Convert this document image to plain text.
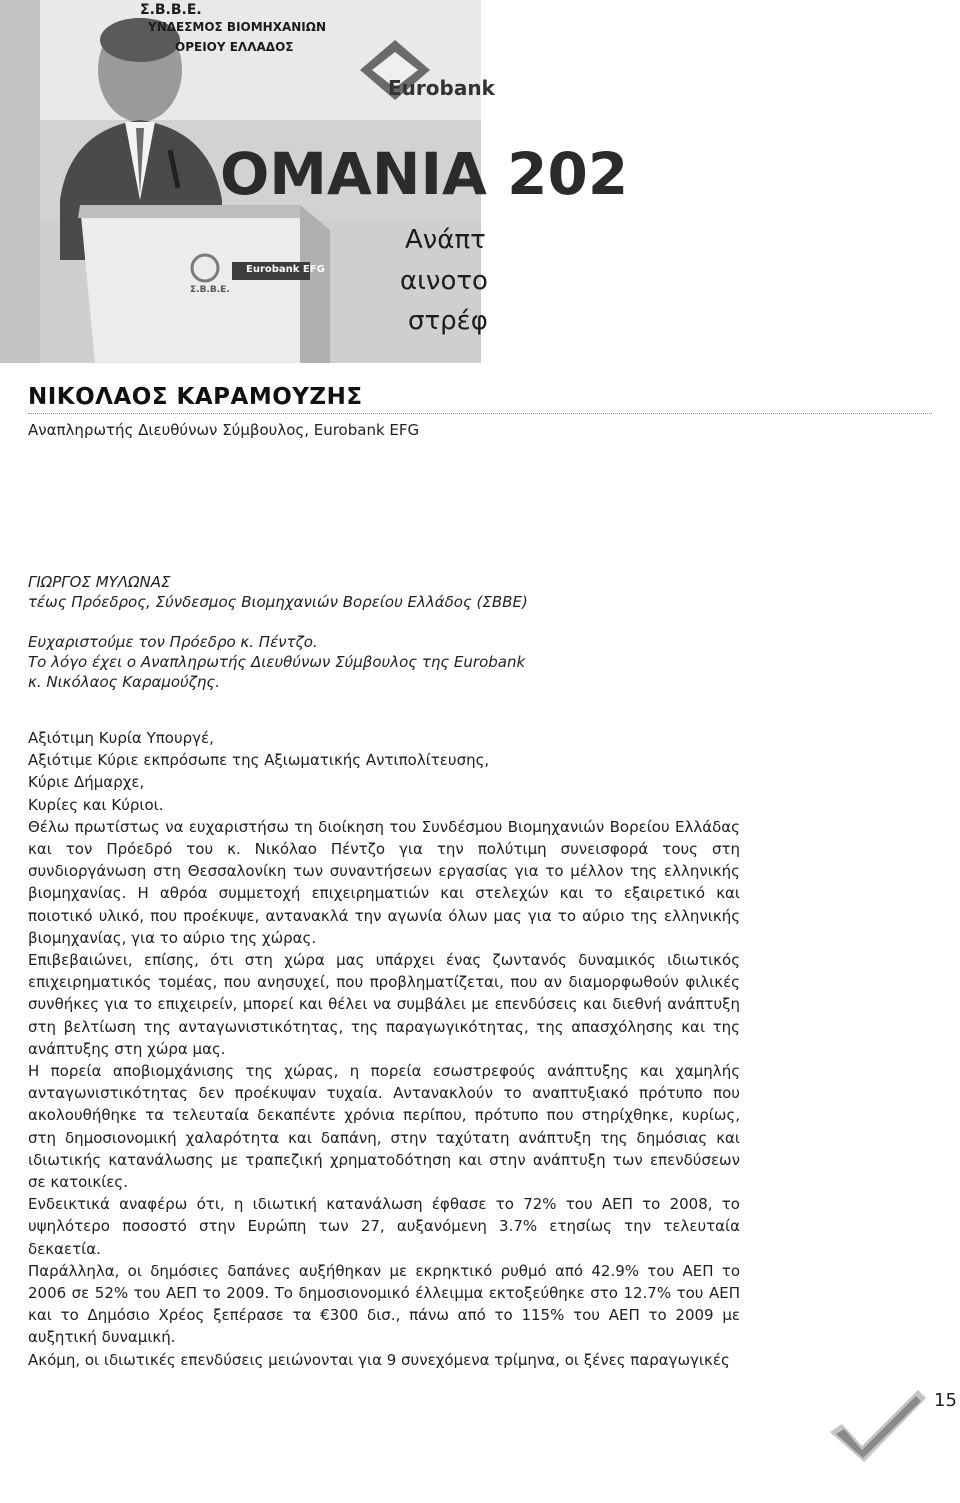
Σ.Β.Β.Ε.
ΥΝΔΕΣΜΟΣ ΒΙΟΜΗΧΑΝΙΩΝ
ΟΡΕΙΟΥ ΕΛΛΑΔΟΣ
Eurobank
ΟΜΑΝΙΑ 202
Ανάπτ
αινοτο
στρέφ
Eurobank EFG
Σ.Β.Β.Ε.
ΝΙΚΟΛΑΟΣ ΚΑΡΑΜΟΥΖΗΣ
Αναπληρωτής Διευθύνων Σύμβουλος, Eurobank EFG

ΓΙΩΡΓΟΣ ΜΥΛΩΝΑΣ

τέως Πρόεδρος, Σύνδεσμος Βιομηχανιών Βορείου Ελλάδος (ΣΒΒΕ)

Ευχαριστούμε τον Πρόεδρο κ. Πέντζο.

Το λόγο έχει ο Αναπληρωτής Διευθύνων Σύμβουλος της Eurobank

κ. Νικόλαος Καραμούζης.

Αξιότιμη Κυρία Υπουργέ,

Αξιότιμε Κύριε εκπρόσωπε της Αξιωματικής Αντιπολίτευσης,

Κύριε Δήμαρχε,

Κυρίες και Κύριοι.

Θέλω πρωτίστως να ευχαριστήσω τη διοίκηση του Συνδέσμου Βιομηχανιών Βορείου Ελλάδας και τον Πρόεδρό του κ. Νικόλαο Πέντζο για την πολύτιμη συνεισφορά τους στη συνδιοργάνωση στη Θεσσαλονίκη των συναντήσεων εργασίας για το μέλλον της ελληνικής βιομηχανίας. Η αθρόα συμμετοχή επιχειρηματιών και στελεχών και το εξαιρετικό και ποιοτικό υλικό, που προέκυψε, αντανακλά την αγωνία όλων μας για το αύριο της ελληνικής βιομηχανίας, για το αύριο της χώρας.

Επιβεβαιώνει, επίσης, ότι στη χώρα μας υπάρχει ένας ζωντανός δυναμικός ιδιωτικός επιχειρηματικός τομέας, που ανησυχεί, που προβληματίζεται, που αν διαμορφωθούν φιλικές συνθήκες για το επιχειρείν, μπορεί και θέλει να συμβάλει με επενδύσεις και διεθνή ανάπτυξη στη βελτίωση της ανταγωνιστικότητας, της παραγωγικότητας, της απασχόλησης και της ανάπτυξης στη χώρα μας.

Η πορεία αποβιομχάνισης της χώρας, η πορεία εσωστρεφούς ανάπτυξης και χαμηλής ανταγωνιστικότητας δεν προέκυψαν τυχαία. Αντανακλούν το αναπτυξιακό πρότυπο που ακολουθήθηκε τα τελευταία δεκαπέντε χρόνια περίπου, πρότυπο που στηρίχθηκε, κυρίως, στη δημοσιονομική χαλαρότητα και δαπάνη, στην ταχύτατη ανάπτυξη της δημόσιας και ιδιωτικής κατανάλωσης με τραπεζική χρηματοδότηση και στην ανάπτυξη των επενδύσεων σε κατοικίες.

Ενδεικτικά αναφέρω ότι, η ιδιωτική κατανάλωση έφθασε το 72% του ΑΕΠ το 2008, το υψηλότερο ποσοστό στην Ευρώπη των 27, αυξανόμενη 3.7% ετησίως την τελευταία δεκαετία.

Παράλληλα, οι δημόσιες δαπάνες αυξήθηκαν με εκρηκτικό ρυθμό από 42.9% του ΑΕΠ το 2006 σε 52% του ΑΕΠ το 2009. Το δημοσιονομικό έλλειμμα εκτοξεύθηκε στο 12.7% του ΑΕΠ και το Δημόσιο Χρέος ξεπέρασε τα €300 δισ., πάνω από το 115% του ΑΕΠ το 2009 με αυξητική δυναμική.

Ακόμη, οι ιδιωτικές επενδύσεις μειώνονται για 9 συνεχόμενα τρίμηνα, οι ξένες παραγωγικές

15
